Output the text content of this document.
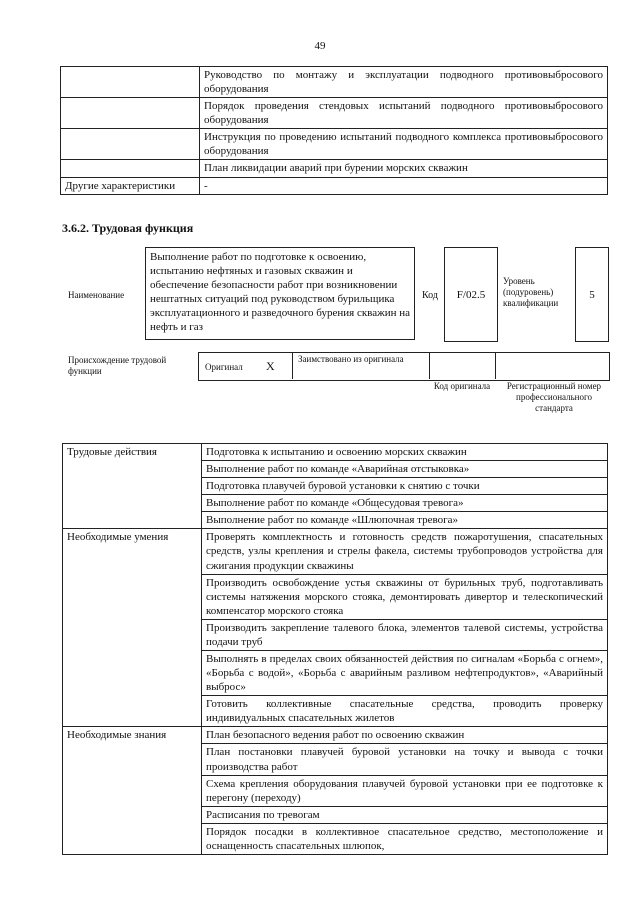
49
	Руководство по монтажу и эксплуатации подводного противовыбросового оборудования
	Порядок проведения стендовых испытаний подводного противовыбросового оборудования
	Инструкция по проведению испытаний подводного комплекса противовыбросового оборудования
	План ликвидации аварий при бурении морских скважин
Другие характеристики	-
3.6.2. Трудовая функция
Наименование
Выполнение работ по подготовке к освоению, испытанию нефтяных и газовых скважин и обеспечение безопасности работ при возникновении нештатных ситуаций под руководством бурильщика эксплуатационного и разведочного бурения скважин на нефть и газ
Код	F/02.5
Уровень (подуровень) квалификации
5
Происхождение трудовой функции	Оригинал X	Заимствовано из оригинала
Код оригинала	Регистрационный номер профессионального стандарта
Трудовые действия	Подготовка к испытанию и освоению морских скважин
	Выполнение работ по команде «Аварийная отстыковка»
	Подготовка плавучей буровой установки к снятию с точки
	Выполнение работ по команде «Общесудовая тревога»
	Выполнение работ по команде «Шлюпочная тревога»
Необходимые умения	Проверять комплектность и готовность средств пожаротушения, спасательных средств, узлы крепления и стрелы факела, системы трубопроводов устройства для сжигания продукции скважины
	Производить освобождение устья скважины от бурильных труб, подготавливать системы натяжения морского стояка, демонтировать дивертор и телескопический компенсатор морского стояка
	Производить закрепление талевого блока, элементов талевой системы, устройства подачи труб
	Выполнять в пределах своих обязанностей действия по сигналам «Борьба с огнем», «Борьба с водой», «Борьба с аварийным разливом нефтепродуктов», «Аварийный выброс»
	Готовить коллективные спасательные средства, проводить проверку индивидуальных спасательных жилетов
Необходимые знания	План безопасного ведения работ по освоению скважин
	План постановки плавучей буровой установки на точку и вывода с точки производства работ
	Схема крепления оборудования плавучей буровой установки при ее подготовке к перегону (переходу)
	Расписания по тревогам
	Порядок посадки в коллективное спасательное средство, местоположение и оснащенность спасательных шлюпок,
